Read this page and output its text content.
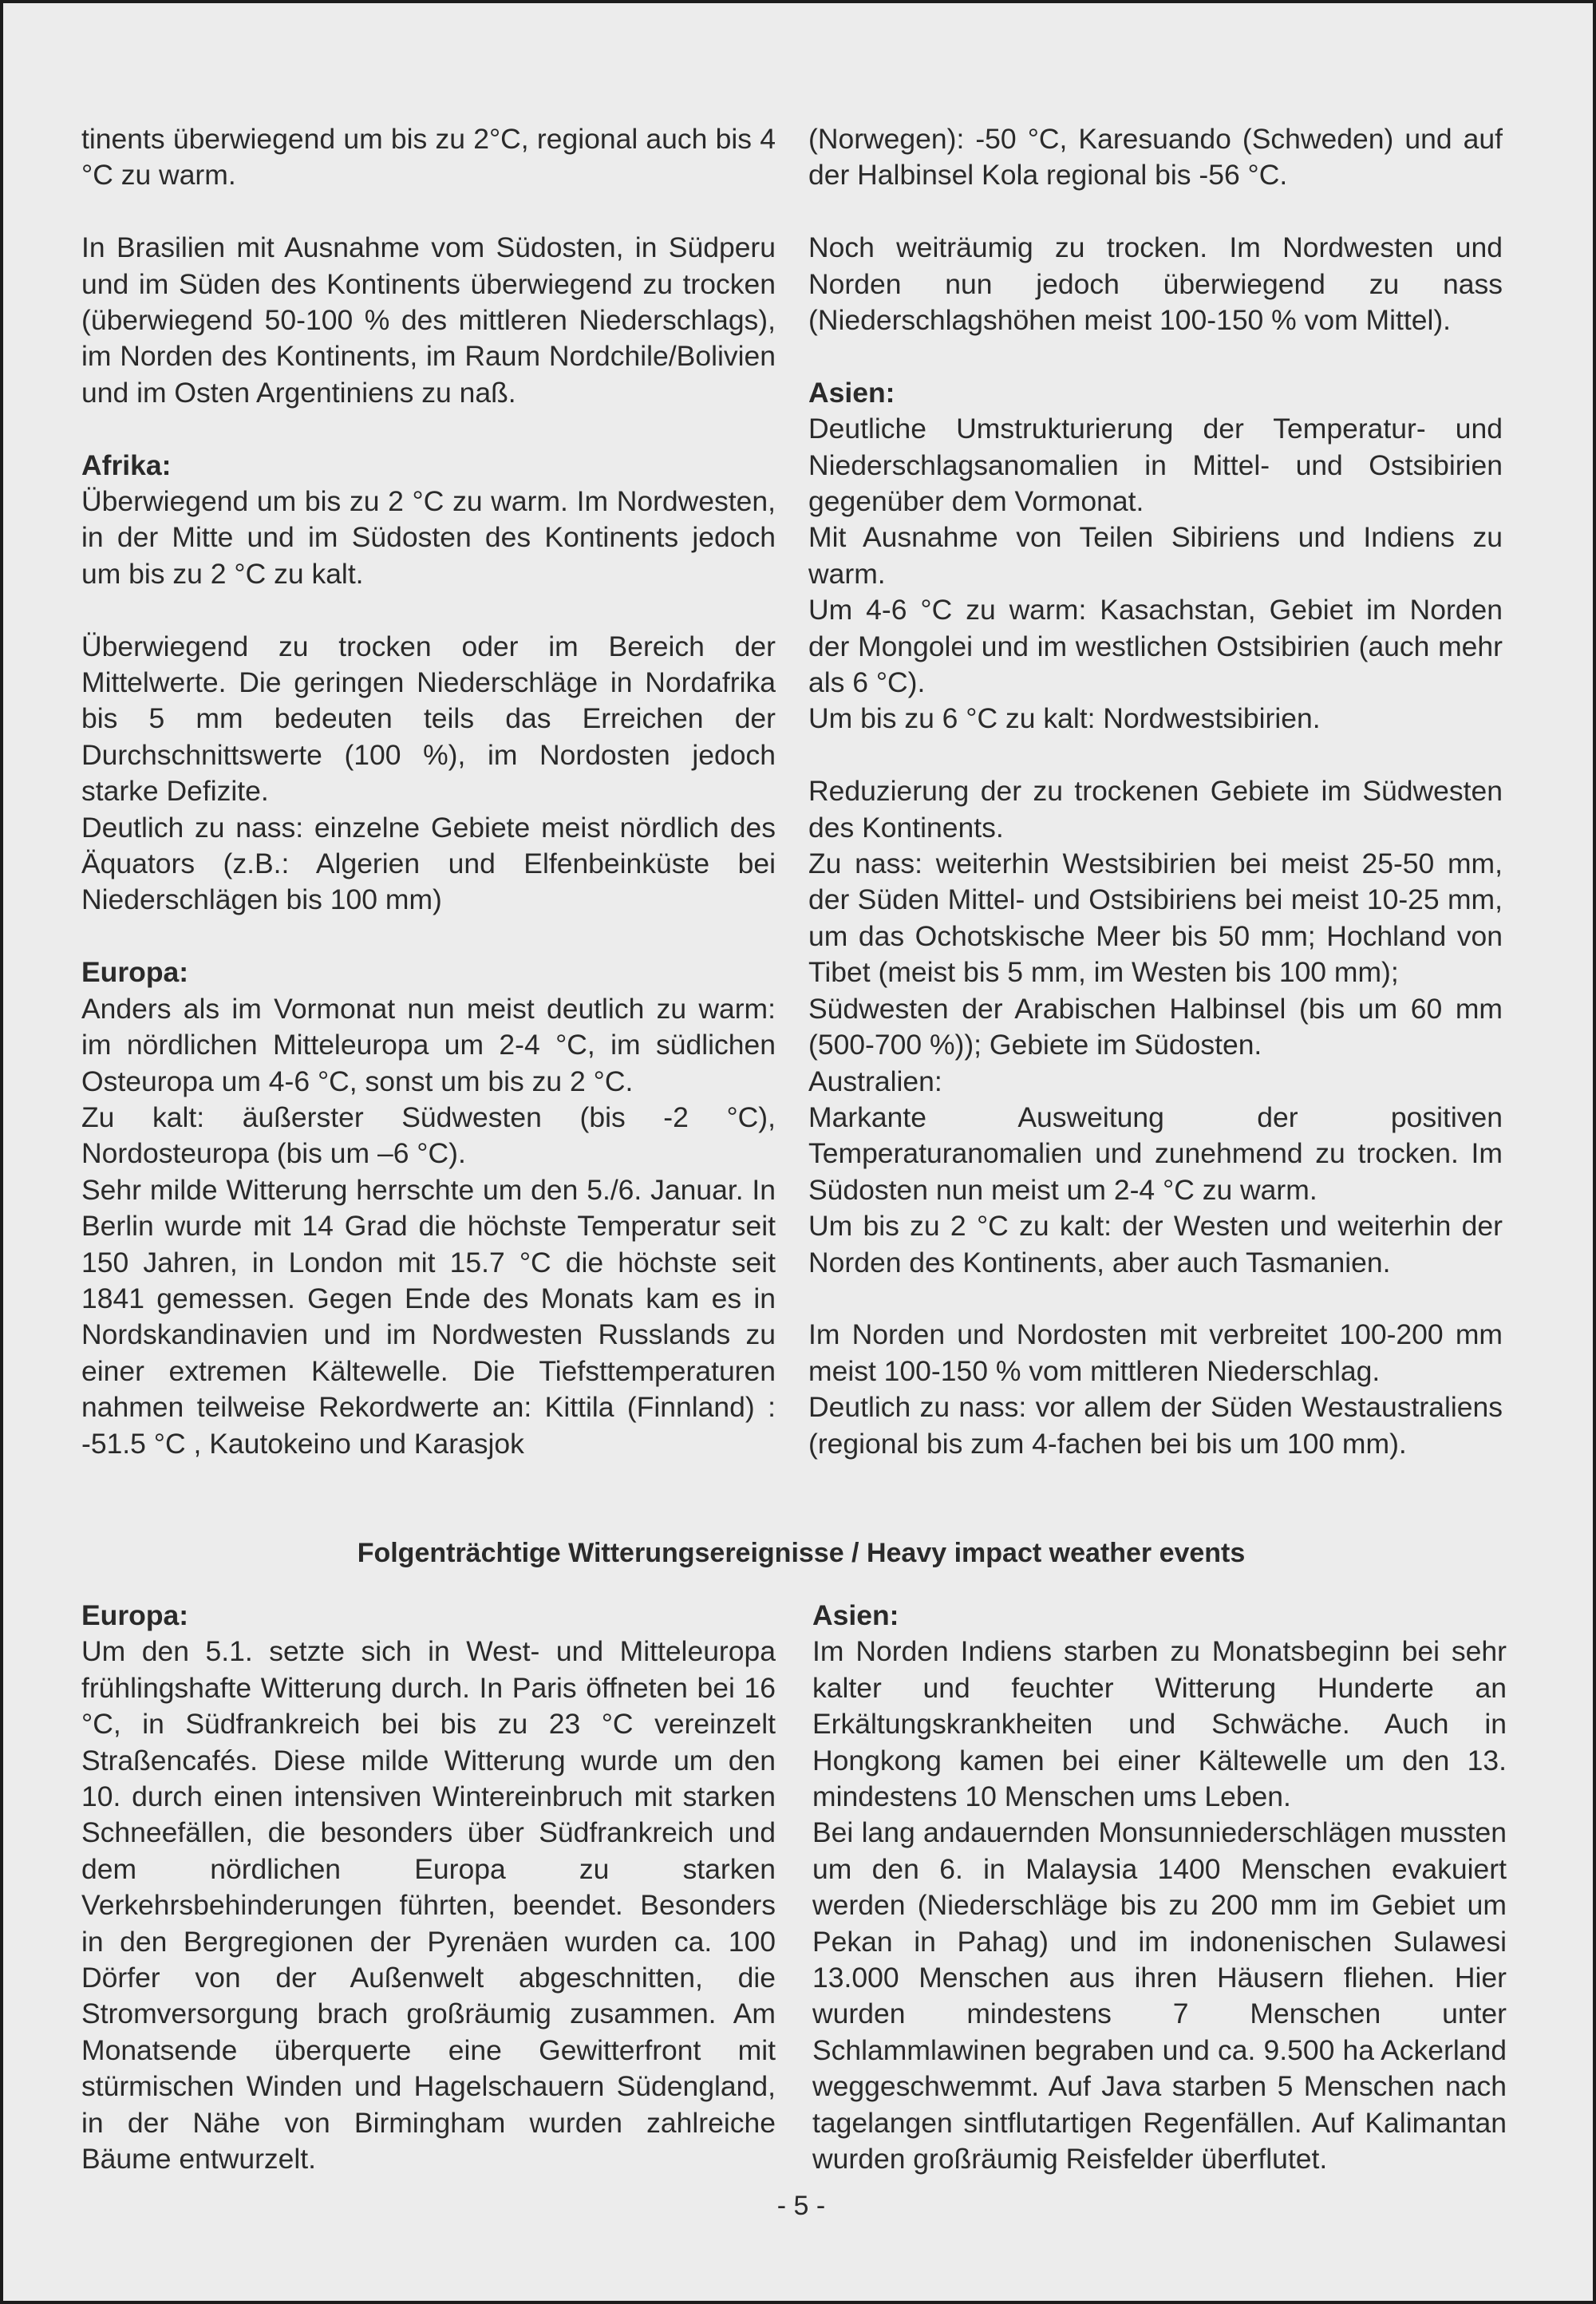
tinents überwiegend um bis zu 2°C, regional auch bis 4 °C zu warm.

In Brasilien mit Ausnahme vom Südosten, in Südperu und im Süden des Kontinents überwiegend zu trocken (überwiegend 50-100 % des mittleren Niederschlags), im Norden des Kontinents, im Raum Nordchile/Bolivien und im Osten Argentiniens zu naß.

Afrika:

Überwiegend um bis zu 2 °C zu warm. Im Nordwesten, in der Mitte und im Südosten des Kontinents jedoch um bis zu 2 °C zu kalt.

Überwiegend zu trocken oder im Bereich der Mittelwerte. Die geringen Niederschläge in Nordafrika bis 5 mm bedeuten teils das Erreichen der Durchschnittswerte (100 %), im Nordosten jedoch starke Defizite.

Deutlich zu nass: einzelne Gebiete meist nördlich des Äquators (z.B.: Algerien und Elfenbeinküste bei Niederschlägen bis 100 mm)

Europa:

Anders als im Vormonat nun meist deutlich zu warm: im nördlichen Mitteleuropa um 2-4 °C, im südlichen Osteuropa um 4-6 °C, sonst um bis zu 2 °C.

Zu kalt: äußerster Südwesten (bis -2 °C), Nordosteuropa (bis um –6 °C).

Sehr milde Witterung herrschte um den 5./6. Januar. In Berlin wurde mit 14 Grad die höchste Temperatur seit 150 Jahren, in London mit 15.7 °C die höchste seit 1841 gemessen. Gegen Ende des Monats kam es in Nordskandinavien und im Nordwesten Russlands zu einer extremen Kältewelle. Die Tiefsttemperaturen nahmen teilweise Rekordwerte an: Kittila (Finnland) : -51.5 °C , Kautokeino und Karasjok

(Norwegen): -50 °C, Karesuando (Schweden) und auf der Halbinsel Kola regional bis -56 °C.

Noch weiträumig zu trocken. Im Nordwesten und Norden nun jedoch überwiegend zu nass (Niederschlagshöhen meist 100-150 % vom Mittel).

Asien:

Deutliche Umstrukturierung der Temperatur- und Niederschlagsanomalien in Mittel- und Ostsibirien gegenüber dem Vormonat.

Mit Ausnahme von Teilen Sibiriens und Indiens zu warm.

Um 4-6 °C zu warm: Kasachstan, Gebiet im Norden der Mongolei und im westlichen Ostsibirien (auch mehr als 6 °C).

Um bis zu 6 °C zu kalt: Nordwestsibirien.

Reduzierung der zu trockenen Gebiete im Südwesten des Kontinents.

Zu nass: weiterhin Westsibirien bei meist 25-50 mm, der Süden Mittel- und Ostsibiriens bei meist 10-25 mm, um das Ochotskische Meer bis 50 mm; Hochland von Tibet (meist bis 5 mm, im Westen bis 100 mm);

Südwesten der Arabischen Halbinsel (bis um 60 mm (500-700 %)); Gebiete im Südosten.

Australien:

Markante Ausweitung der positiven Temperaturanomalien und zunehmend zu trocken. Im Südosten nun meist um 2-4 °C zu warm.

Um bis zu 2 °C zu kalt: der Westen und weiterhin der Norden des Kontinents, aber auch Tasmanien.

Im Norden und Nordosten mit verbreitet 100-200 mm meist 100-150 % vom mittleren Niederschlag.

Deutlich zu nass: vor allem der Süden Westaustraliens (regional bis zum 4-fachen bei bis um 100 mm).

Folgenträchtige Witterungsereignisse / Heavy impact weather events

Europa:

Um den 5.1. setzte sich in West- und Mitteleuropa frühlingshafte Witterung durch. In Paris öffneten bei 16 °C, in Südfrankreich bei bis zu 23 °C vereinzelt Straßencafés. Diese milde Witterung wurde um den 10. durch einen intensiven Wintereinbruch mit starken Schneefällen, die besonders über Südfrankreich und dem nördlichen Europa zu starken Verkehrsbehinderungen führten, beendet. Besonders in den Bergregionen der Pyrenäen wurden ca. 100 Dörfer von der Außenwelt abgeschnitten, die Stromversorgung brach großräumig zusammen. Am Monatsende überquerte eine Gewitterfront mit stürmischen Winden und Hagelschauern Südengland, in der Nähe von Birmingham wurden zahlreiche Bäume entwurzelt.

Asien:

Im Norden Indiens starben zu Monatsbeginn bei sehr kalter und feuchter Witterung Hunderte an Erkältungskrankheiten und Schwäche. Auch in Hongkong kamen bei einer Kältewelle um den 13. mindestens 10 Menschen ums Leben.

Bei lang andauernden Monsunniederschlägen mussten um den 6. in Malaysia 1400 Menschen evakuiert werden (Niederschläge bis zu 200 mm im Gebiet um Pekan in Pahag) und im indonenischen Sulawesi 13.000 Menschen aus ihren Häusern fliehen. Hier wurden mindestens 7 Menschen unter Schlammlawinen begraben und ca. 9.500 ha Ackerland weggeschwemmt. Auf Java starben 5 Menschen nach tagelangen sintflutartigen Regenfällen. Auf Kalimantan wurden großräumig Reisfelder überflutet.

- 5 -
